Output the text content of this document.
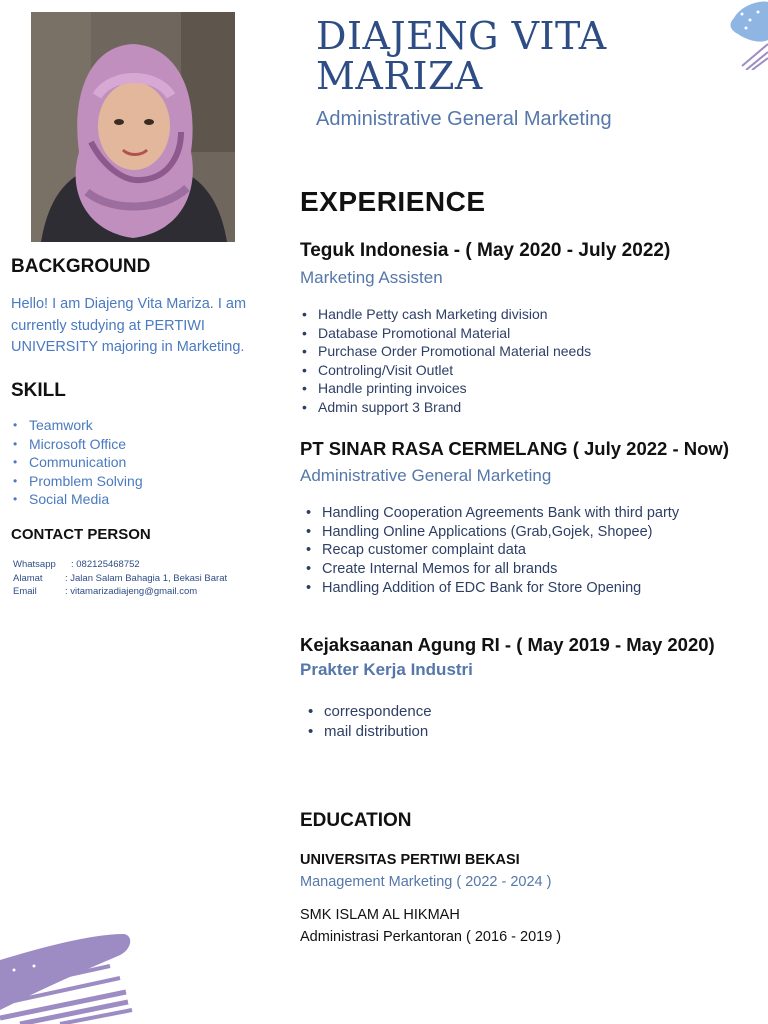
DIAJENG VITA MARIZA
Administrative General Marketing
BACKGROUND
Hello! I am Diajeng Vita Mariza. I am currently studying at PERTIWI UNIVERSITY majoring in Marketing.
SKILL
• Teamwork
• Microsoft Office
• Communication
• Promblem Solving
• Social Media
CONTACT PERSON
Whatsapp	: 082125468752
Alamat	: Jalan Salam Bahagia 1, Bekasi Barat
Email	: vitamarizadiajeng@gmail.com
EXPERIENCE
Teguk Indonesia - ( May 2020 - July 2022)
Marketing Assisten
• Handle Petty cash Marketing division
• Database Promotional Material
• Purchase Order Promotional Material needs
• Controling/Visit Outlet
• Handle printing invoices
• Admin support 3 Brand
PT SINAR RASA CERMELANG ( July 2022 - Now)
Administrative General Marketing
• Handling Cooperation Agreements Bank with third party
• Handling Online Applications (Grab,Gojek, Shopee)
• Recap customer complaint data
• Create Internal Memos for all brands
• Handling Addition of EDC Bank for Store Opening
Kejaksaanan Agung RI - ( May 2019 - May 2020)
Prakter Kerja Industri
• correspondence
• mail distribution
EDUCATION
UNIVERSITAS PERTIWI BEKASI
Management Marketing ( 2022 - 2024 )
SMK ISLAM AL HIKMAH
Administrasi Perkantoran ( 2016 - 2019 )
